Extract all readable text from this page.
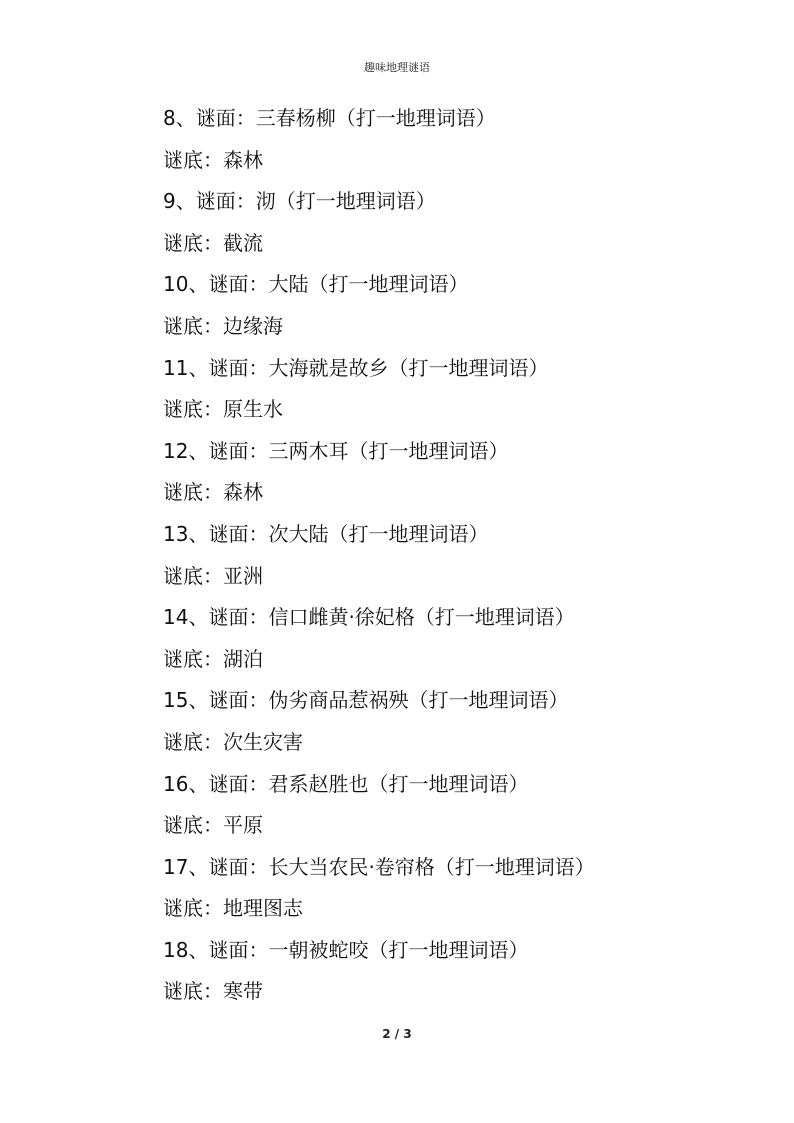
趣味地理谜语
8、谜面：三春杨柳（打一地理词语）
谜底：森林
9、谜面：沏（打一地理词语）
谜底：截流
10、谜面：大陆（打一地理词语）
谜底：边缘海
11、谜面：大海就是故乡（打一地理词语）
谜底：原生水
12、谜面：三两木耳（打一地理词语）
谜底：森林
13、谜面：次大陆（打一地理词语）
谜底：亚洲
14、谜面：信口雌黄·徐妃格（打一地理词语）
谜底：湖泊
15、谜面：伪劣商品惹祸殃（打一地理词语）
谜底：次生灾害
16、谜面：君系赵胜也（打一地理词语）
谜底：平原
17、谜面：长大当农民·卷帘格（打一地理词语）
谜底：地理图志
18、谜面：一朝被蛇咬（打一地理词语）
谜底：寒带
2 / 3
